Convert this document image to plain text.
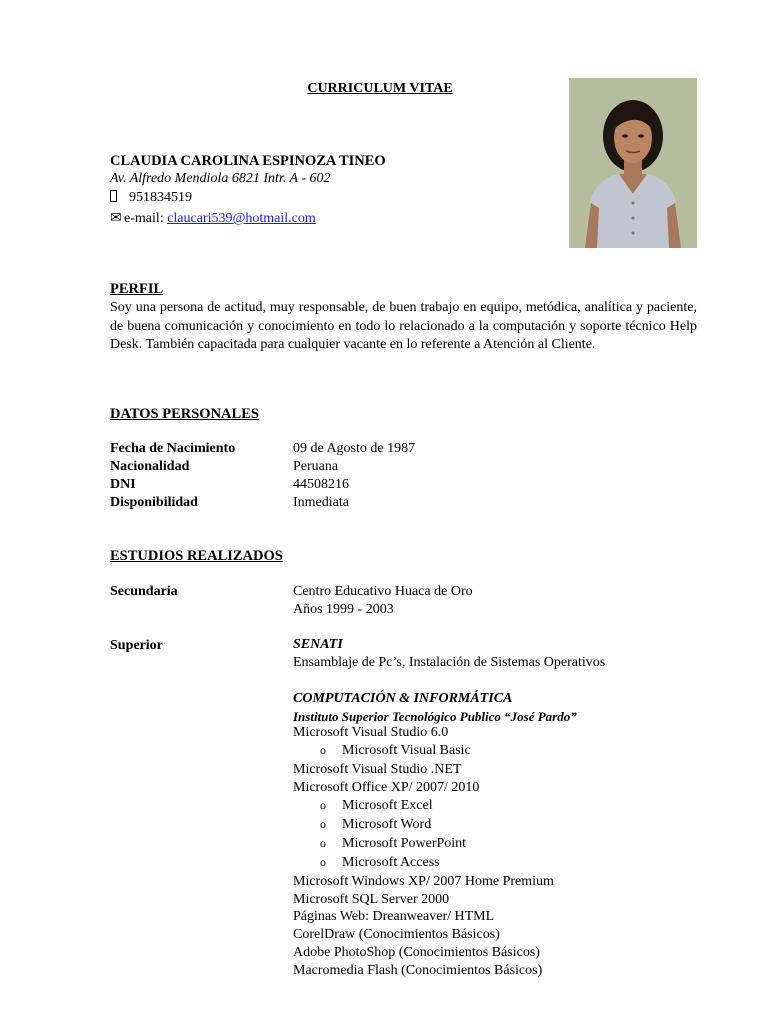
CURRICULUM VITAE
CLAUDIA CAROLINA ESPINOZA TINEO
Av. Alfredo Mendiola 6821 Intr. A - 602
951834519
✉ e-mail: claucari539@hotmail.com
PERFIL
Soy una persona de actitud, muy responsable, de buen trabajo en equipo, metódica, analítica y paciente, de buena comunicación y conocimiento en todo lo relacionado a la computación y soporte técnico Help Desk. También capacitada para cualquier vacante en lo referente a Atención al Cliente.
DATOS PERSONALES
Fecha de Nacimiento	09 de Agosto de 1987
Nacionalidad	Peruana
DNI	44508216
Disponibilidad	Inmediata
ESTUDIOS REALIZADOS
Secundaria	Centro Educativo Huaca de Oro
Años 1999 - 2003
Superior	SENATI
Ensamblaje de Pc’s, Instalación de Sistemas Operativos
COMPUTACIÓN & INFORMÁTICA
Instituto Superior Tecnológico Publico “José Pardo”
Microsoft Visual Studio 6.0
o Microsoft Visual Basic
Microsoft Visual Studio .NET
Microsoft Office XP/ 2007/ 2010
o Microsoft Excel
o Microsoft Word
o Microsoft PowerPoint
o Microsoft Access
Microsoft Windows XP/ 2007 Home Premium
Microsoft SQL Server 2000
Páginas Web: Dreanweaver/ HTML
CorelDraw (Conocimientos Básicos)
Adobe PhotoShop (Conocimientos Básicos)
Macromedia Flash (Conocimientos Básicos)
